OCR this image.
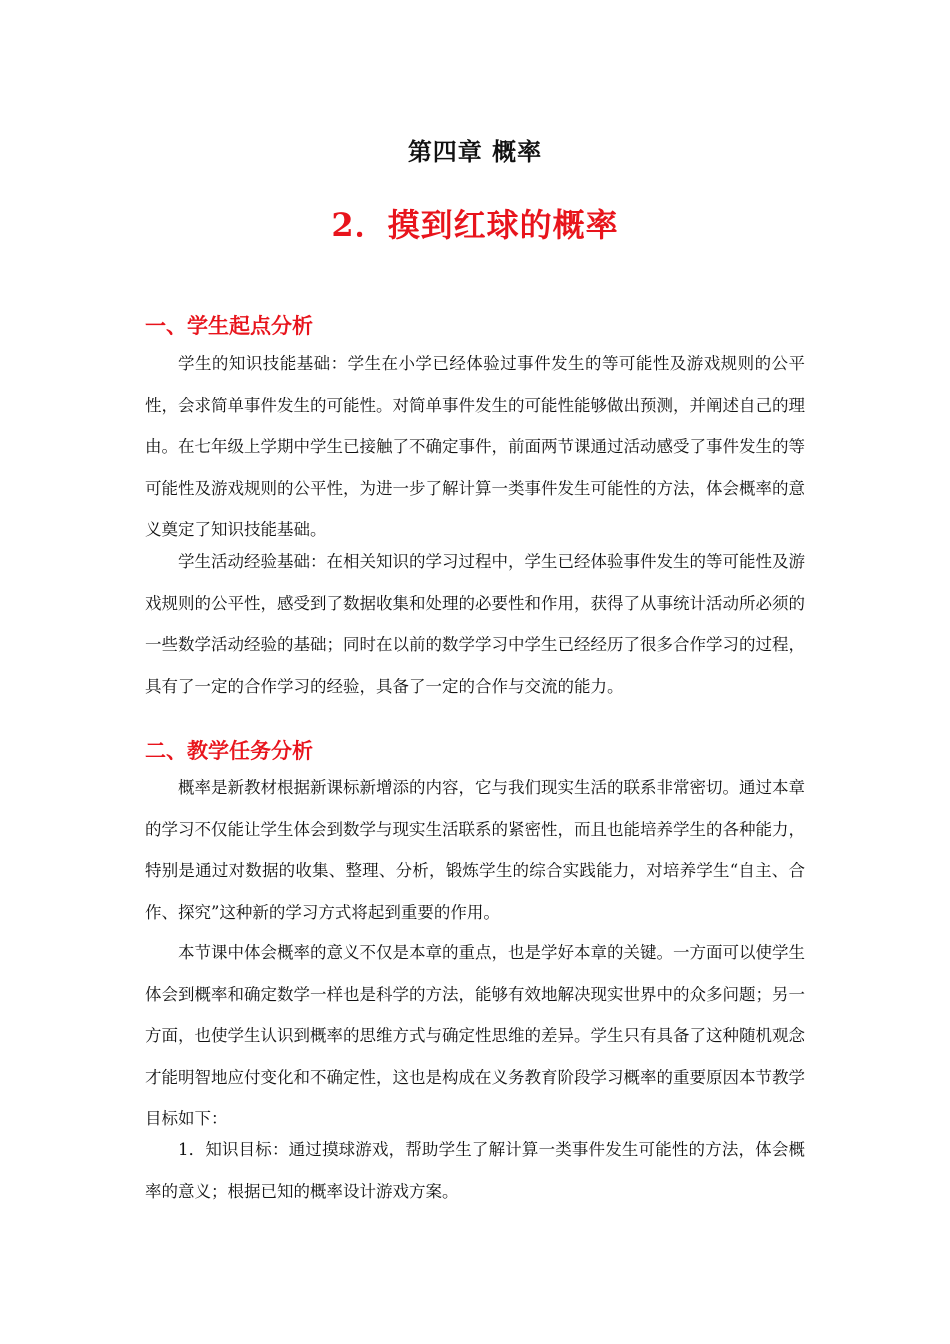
第四章 概率
2．摸到红球的概率
一、学生起点分析

学生的知识技能基础：学生在小学已经体验过事件发生的等可能性及游戏规则的公平性，会求简单事件发生的可能性。对简单事件发生的可能性能够做出预测，并阐述自己的理由。在七年级上学期中学生已接触了不确定事件，前面两节课通过活动感受了事件发生的等可能性及游戏规则的公平性，为进一步了解计算一类事件发生可能性的方法，体会概率的意义奠定了知识技能基础。

学生活动经验基础：在相关知识的学习过程中，学生已经体验事件发生的等可能性及游戏规则的公平性，感受到了数据收集和处理的必要性和作用，获得了从事统计活动所必须的一些数学活动经验的基础；同时在以前的数学学习中学生已经经历了很多合作学习的过程，具有了一定的合作学习的经验，具备了一定的合作与交流的能力。

二、教学任务分析

概率是新教材根据新课标新增添的内容，它与我们现实生活的联系非常密切。通过本章的学习不仅能让学生体会到数学与现实生活联系的紧密性，而且也能培养学生的各种能力，特别是通过对数据的收集、整理、分析，锻炼学生的综合实践能力，对培养学生“自主、合作、探究”这种新的学习方式将起到重要的作用。

本节课中体会概率的意义不仅是本章的重点，也是学好本章的关键。一方面可以使学生体会到概率和确定数学一样也是科学的方法，能够有效地解决现实世界中的众多问题；另一方面，也使学生认识到概率的思维方式与确定性思维的差异。学生只有具备了这种随机观念才能明智地应付变化和不确定性，这也是构成在义务教育阶段学习概率的重要原因本节教学目标如下：

1．知识目标：通过摸球游戏，帮助学生了解计算一类事件发生可能性的方法，体会概率的意义；根据已知的概率设计游戏方案。
